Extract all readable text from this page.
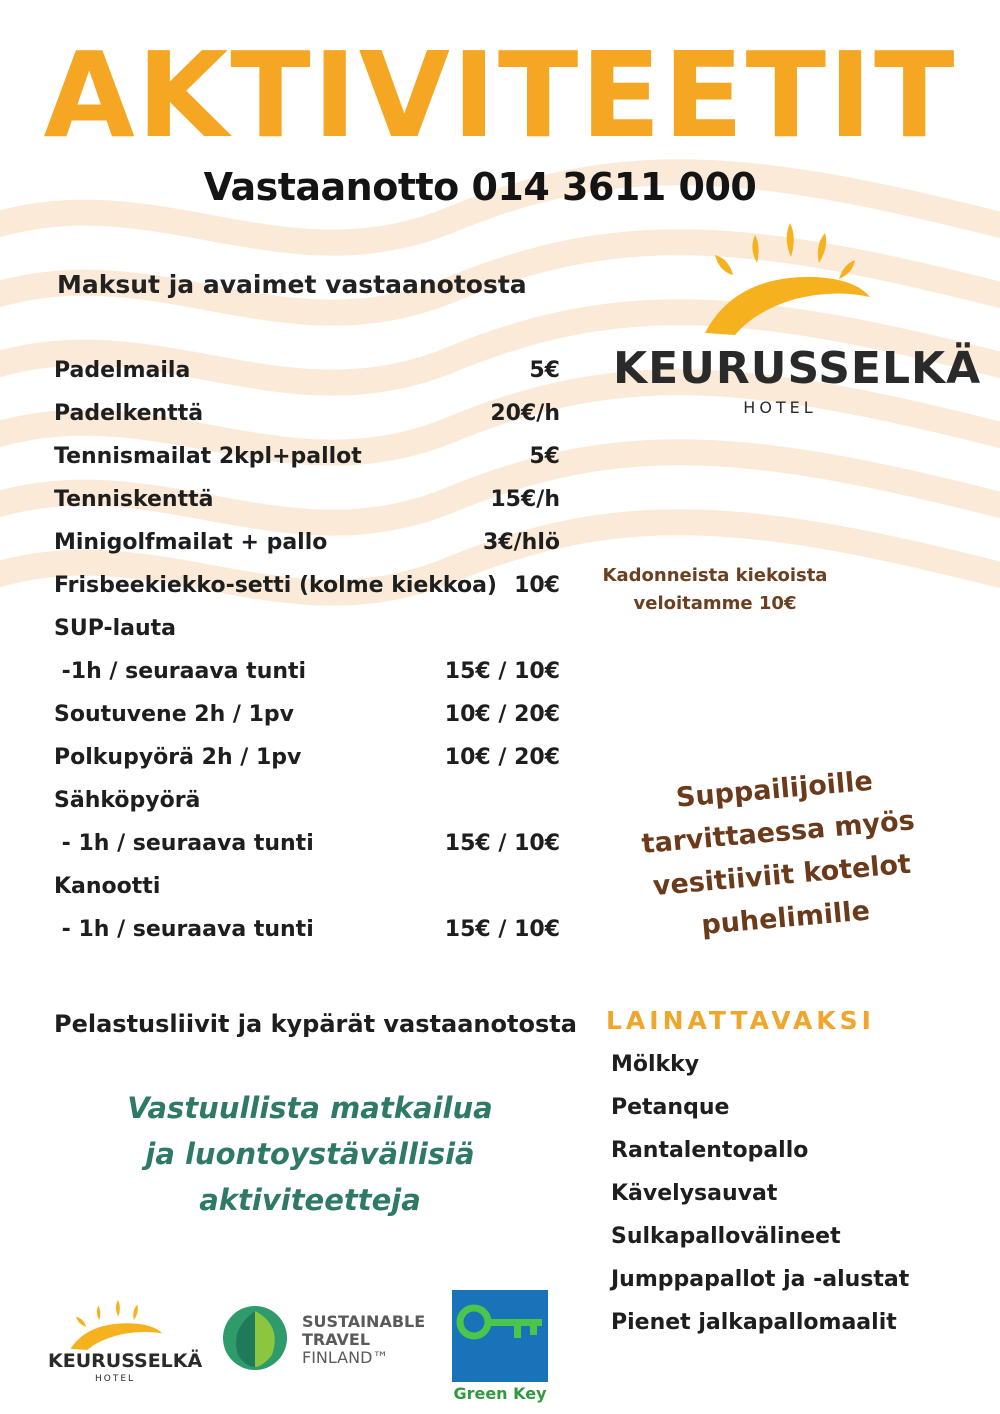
AKTIVITEETIT
Vastaanotto 014 3611 000
Maksut ja avaimet vastaanotosta
Padelmaila	5€
Padelkenttä	20€/h
Tennismailat 2kpl+pallot	5€
Tenniskenttä	15€/h
Minigolfmailat + pallo	3€/hlö
Frisbeekiekko-setti (kolme kiekkoa) 10€
SUP-lauta
-1h / seuraava tunti	15€ / 10€
Soutuvene 2h / 1pv	10€ / 20€
Polkupyörä 2h / 1pv	10€ / 20€
Sähköpyörä
- 1h / seuraava tunti	15€ / 10€
Kanootti
- 1h / seuraava tunti	15€ / 10€
KEURUSSELKÄ
HOTEL
Kadonneista kiekoista
veloitamme 10€
Suppailijoille
tarvittaessa myös
vesitiiviit kotelot
puhelimille
Pelastusliivit ja kypärät vastaanotosta
Vastuullista matkailua
ja luontoystävällisiä
aktiviteetteja
LAINATTAVAKSI
Mölkky
Petanque
Rantalentopallo
Kävelysauvat
Sulkapallovälineet
Jumppapallot ja -alustat
Pienet jalkapallomaalit
KEURUSSELKÄ
HOTEL
SUSTAINABLE
TRAVEL
FINLAND™
Green Key
